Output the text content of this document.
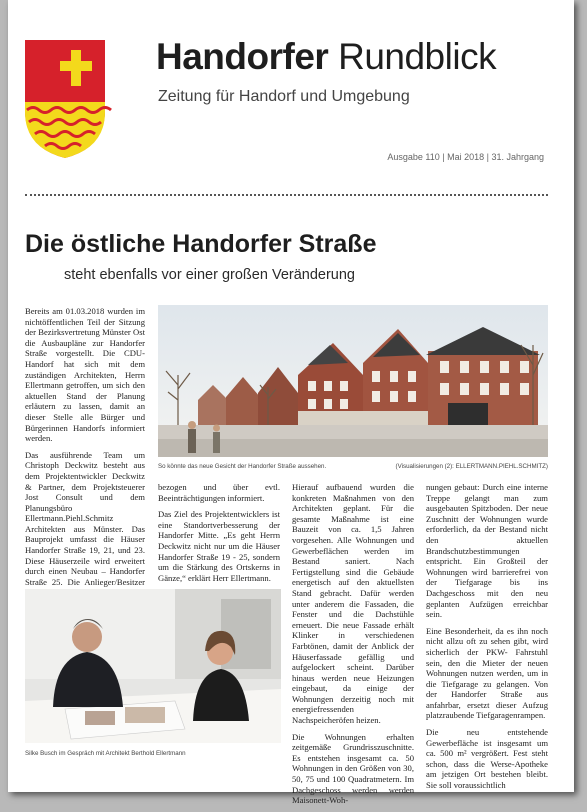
Handorfer Rundblick
Zeitung für Handorf und Umgebung
Ausgabe 110 | Mai 2018 | 31. Jahrgang
Die östliche Handorfer Straße
steht ebenfalls vor einer großen Veränderung
So könnte das neue Gesicht der Handorfer Straße aussehen.	(Visualisierungen (2): ELLERTMANN.PIEHL.SCHMITZ)

Bereits am 01.03.2018 wurden im nichtöffentlichen Teil der Sitzung der Bezirksvertretung Münster Ost die Ausbaupläne zur Handorfer Straße vorgestellt. Die CDU-Handorf hat sich mit dem zuständigen Architekten, Herrn Ellertmann getroffen, um sich den aktuellen Stand der Planung erläutern zu lassen, damit an dieser Stelle alle Bürger und Bürgerinnen Handorfs informiert werden.

Das ausführende Team um Christoph Deckwitz besteht aus dem Projektentwickler Deckwitz & Partner, dem Projektsteuerer Jost Consult und dem Planungsbüro Ellertmann.Piehl.Schmitz Architekten aus Münster. Das Bauprojekt umfasst die Häuser Handorfer Straße 19, 21, und 23. Diese Häuserzeile wird erweitert durch einen Neubau – Handorfer Straße 25. Die Anlieger/Besitzer

Silke Busch im Gespräch mit Architekt Berthold Ellertmann

bezogen und über evtl. Beeinträchtigungen informiert.

Das Ziel des Projektentwicklers ist eine Standortverbesserung der Handorfer Mitte. „Es geht Herrn Deckwitz nicht nur um die Häuser Handorfer Straße 19 - 25, sondern um die Stärkung des Ortskerns in Gänze,“ erklärt Herr Ellertmann.

Hierauf aufbauend wurden die konkreten Maßnahmen von den Architekten geplant. Für die gesamte Maßnahme ist eine Bauzeit von ca. 1,5 Jahren vorgesehen. Alle Wohnungen und Gewerbeflächen werden im Bestand saniert. Nach Fertigstellung sind die Gebäude energetisch auf den aktuellsten Stand gebracht. Dafür werden unter anderem die Fassaden, die Fenster und die Dachstühle erneuert. Die neue Fassade erhält Klinker in verschiedenen Farbtönen, damit der Anblick der Häuserfassade gefällig und aufgelockert scheint. Darüber hinaus werden neue Heizungen eingebaut, da einige der Wohnungen derzeitig noch mit energiefressenden Nachspeicheröfen heizen.

Die Wohnungen erhalten zeitgemäße Grundrisszuschnitte. Es entstehen insgesamt ca. 50 Wohnungen in den Größen von 30, 50, 75 und 100 Quadratmetern. Im Dachgeschoss werden werden Maisonett-Woh-

nungen gebaut: Durch eine interne Treppe gelangt man zum ausgebauten Spitzboden. Der neue Zuschnitt der Wohnungen wurde erforderlich, da der Bestand nicht den aktuellen Brandschutzbestimmungen entspricht. Ein Großteil der Wohnungen wird barrierefrei von der Tiefgarage bis ins Dachgeschoss mit den neu geplanten Aufzügen erreichbar sein.

Eine Besonderheit, da es ihn noch nicht allzu oft zu sehen gibt, wird sicherlich der PKW- Fahrstuhl sein, den die Mieter der neuen Wohnungen nutzen werden, um in die Tiefgarage zu gelangen. Von der Handorfer Straße aus anfahrbar, ersetzt dieser Aufzug platzraubende Tiefgaragenrampen.

Die neu entstehende Gewerbefläche ist insgesamt um ca. 500 m² vergrößert. Fest steht schon, dass die Werse-Apotheke am jetzigen Ort bestehen bleibt. Sie soll voraussichtlich
